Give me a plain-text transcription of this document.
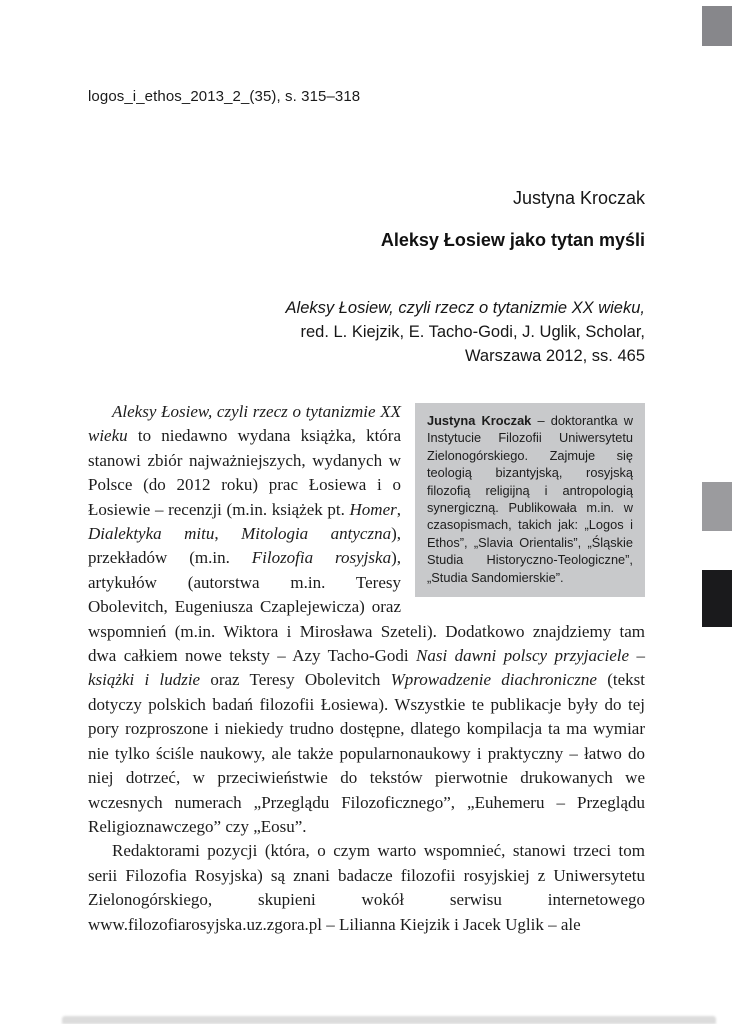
logos_i_ethos_2013_2_(35), s. 315–318
Justyna Kroczak
Aleksy Łosiew jako tytan myśli
Aleksy Łosiew, czyli rzecz o tytanizmie XX wieku,
red. L. Kiejzik, E. Tacho-Godi, J. Uglik, Scholar,
Warszawa 2012, ss. 465
Justyna Kroczak – doktorantka w Instytucie Filozofii Uniwersytetu Zielonogórskiego. Zajmuje się teologią bizantyjską, rosyjską filozofią religijną i antropologią synergiczną. Publikowała m.in. w czasopismach, takich jak: „Logos i Ethos”, „Slavia Orientalis”, „Śląskie Studia Historyczno-Teologiczne”, „Studia Sandomierskie”.

Aleksy Łosiew, czyli rzecz o tytanizmie XX wieku to niedawno wydana książka, która stanowi zbiór najważniejszych, wydanych w Polsce (do 2012 roku) prac Łosiewa i o Łosiewie – recenzji (m.in. książek pt. Homer, Dialektyka mitu, Mitologia antyczna), przekładów (m.in. Filozofia rosyjska), artykułów (autorstwa m.in. Teresy Obolevitch, Eugeniusza Czaplejewicza) oraz wspomnień (m.in. Wiktora i Mirosława Szeteli). Dodatkowo znajdziemy tam dwa całkiem nowe teksty – Azy Tacho-Godi Nasi dawni polscy przyjaciele – książki i ludzie oraz Teresy Obolevitch Wprowadzenie diachroniczne (tekst dotyczy polskich badań filozofii Łosiewa). Wszystkie te publikacje były do tej pory rozproszone i niekiedy trudno dostępne, dlatego kompilacja ta ma wymiar nie tylko ściśle naukowy, ale także popularnonaukowy i praktyczny – łatwo do niej dotrzeć, w przeciwieństwie do tekstów pierwotnie drukowanych we wczesnych numerach „Przeglądu Filozoficznego”, „Euhemeru – Przeglądu Religioznawczego” czy „Eosu”.

Redaktorami pozycji (która, o czym warto wspomnieć, stanowi trzeci tom serii Filozofia Rosyjska) są znani badacze filozofii rosyjskiej z Uniwersytetu Zielonogórskiego, skupieni wokół serwisu internetowego www.filozofiarosyjska.uz.zgora.pl – Lilianna Kiejzik i Jacek Uglik – ale
